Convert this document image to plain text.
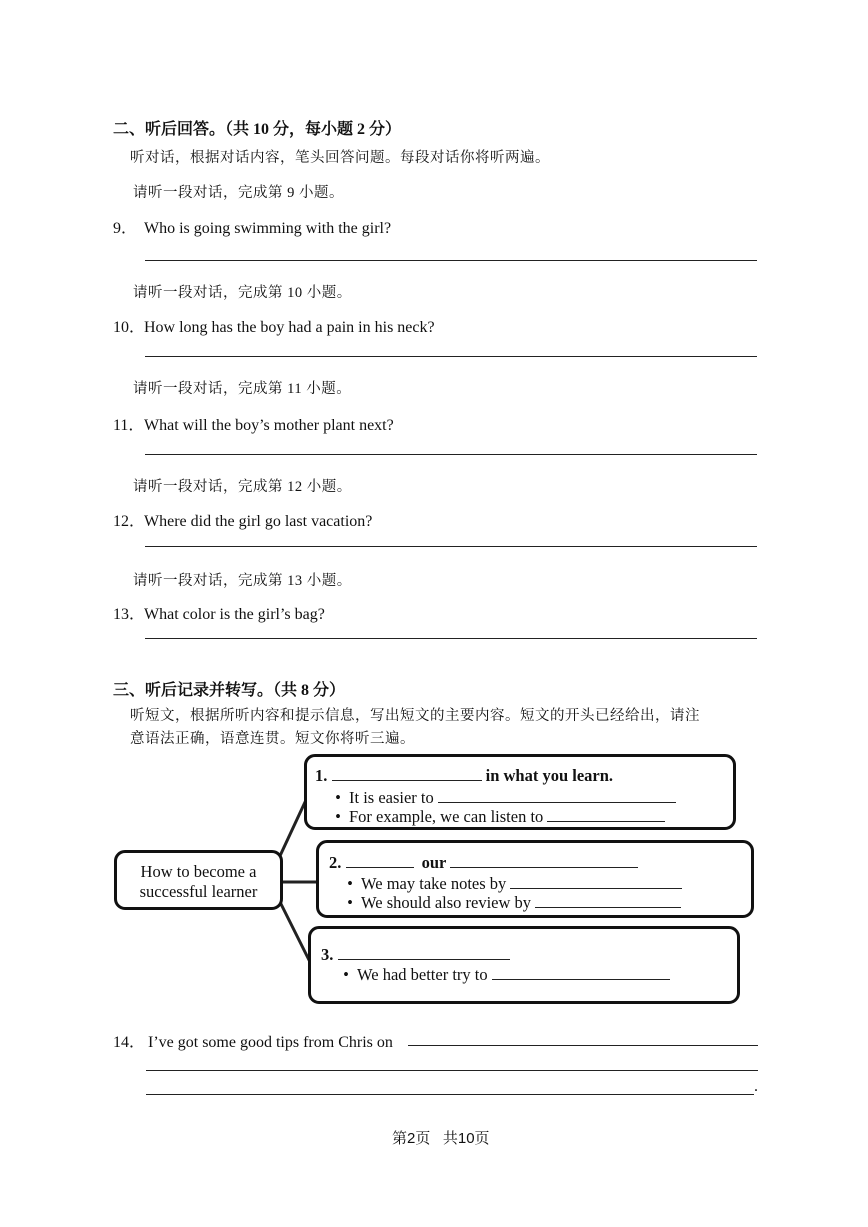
二、听后回答。（共 10 分，每小题 2 分）
听对话，根据对话内容，笔头回答问题。每段对话你将听两遍。
请听一段对话，完成第 9 小题。
9． Who is going swimming with the girl?
请听一段对话，完成第 10 小题。
10．How long has the boy had a pain in his neck?
请听一段对话，完成第 11 小题。
11．What will the boy’s mother plant next?
请听一段对话，完成第 12 小题。
12．Where did the girl go last vacation?
请听一段对话，完成第 13 小题。
13．What color is the girl’s bag?
三、听后记录并转写。（共 8 分）
听短文，根据所听内容和提示信息，写出短文的主要内容。短文的开头已经给出，请注
意语法正确，语意连贯。短文你将听三遍。
How to become a
successful learner
1.	in what you learn.
• It is easier to
• For example, we can listen to
2.	our
• We may take notes by
• We should also review by
3.
• We had better try to
14． I’ve got some good tips from Chris on
.
第2页 共10页
